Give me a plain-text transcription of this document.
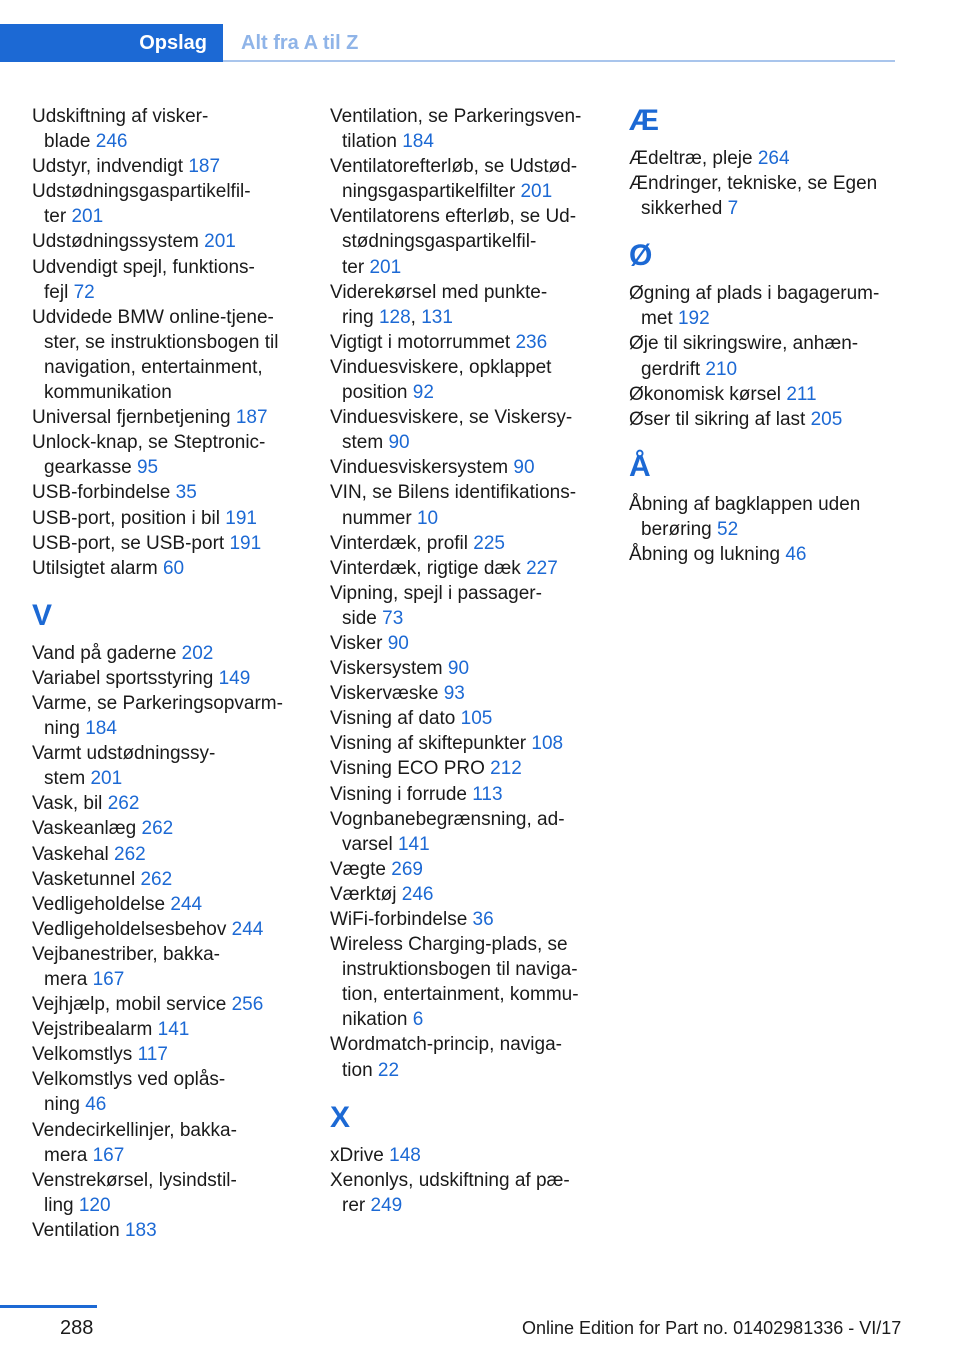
Opslag	Alt fra A til Z
Udskiftning af visker-
blade 246
Udstyr, indvendigt 187
Udstødningsgaspartikelfil-
ter 201
Udstødningssystem 201
Udvendigt spejl, funktions-
fejl 72
Udvidede BMW online-tjene-
ster, se instruktionsbogen til
navigation, entertainment,
kommunikation
Universal fjernbetjening 187
Unlock-knap, se Steptronic-
gearkasse 95
USB-forbindelse 35
USB-port, position i bil 191
USB-port, se USB-port 191
Utilsigtet alarm 60
V
Vand på gaderne 202
Variabel sportsstyring 149
Varme, se Parkeringsopvarm-
ning 184
Varmt udstødningssy-
stem 201
Vask, bil 262
Vaskeanlæg 262
Vaskehal 262
Vasketunnel 262
Vedligeholdelse 244
Vedligeholdelsesbehov 244
Vejbanestriber, bakka-
mera 167
Vejhjælp, mobil service 256
Vejstribealarm 141
Velkomstlys 117
Velkomstlys ved oplås-
ning 46
Vendecirkellinjer, bakka-
mera 167
Venstrekørsel, lysindstil-
ling 120
Ventilation 183
Ventilation, se Parkeringsven-
tilation 184
Ventilatorefterløb, se Udstød-
ningsgaspartikelfilter 201
Ventilatorens efterløb, se Ud-
stødningsgaspartikelfil-
ter 201
Viderekørsel med punkte-
ring 128, 131
Vigtigt i motorrummet 236
Vinduesviskere, opklappet
position 92
Vinduesviskere, se Viskersy-
stem 90
Vinduesviskersystem 90
VIN, se Bilens identifikations-
nummer 10
Vinterdæk, profil 225
Vinterdæk, rigtige dæk 227
Vipning, spejl i passager-
side 73
Visker 90
Viskersystem 90
Viskervæske 93
Visning af dato 105
Visning af skiftepunkter 108
Visning ECO PRO 212
Visning i forrude 113
Vognbanebegrænsning, ad-
varsel 141
Vægte 269
Værktøj 246
WiFi-forbindelse 36
Wireless Charging-plads, se
instruktionsbogen til naviga-
tion, entertainment, kommu-
nikation 6
Wordmatch-princip, naviga-
tion 22
X
xDrive 148
Xenonlys, udskiftning af pæ-
rer 249
Æ
Ædeltræ, pleje 264
Ændringer, tekniske, se Egen
sikkerhed 7
Ø
Øgning af plads i bagagerum-
met 192
Øje til sikringswire, anhæn-
gerdrift 210
Økonomisk kørsel 211
Øser til sikring af last 205
Å
Åbning af bagklappen uden
berøring 52
Åbning og lukning 46
288	Online Edition for Part no. 01402981336 - VI/17
